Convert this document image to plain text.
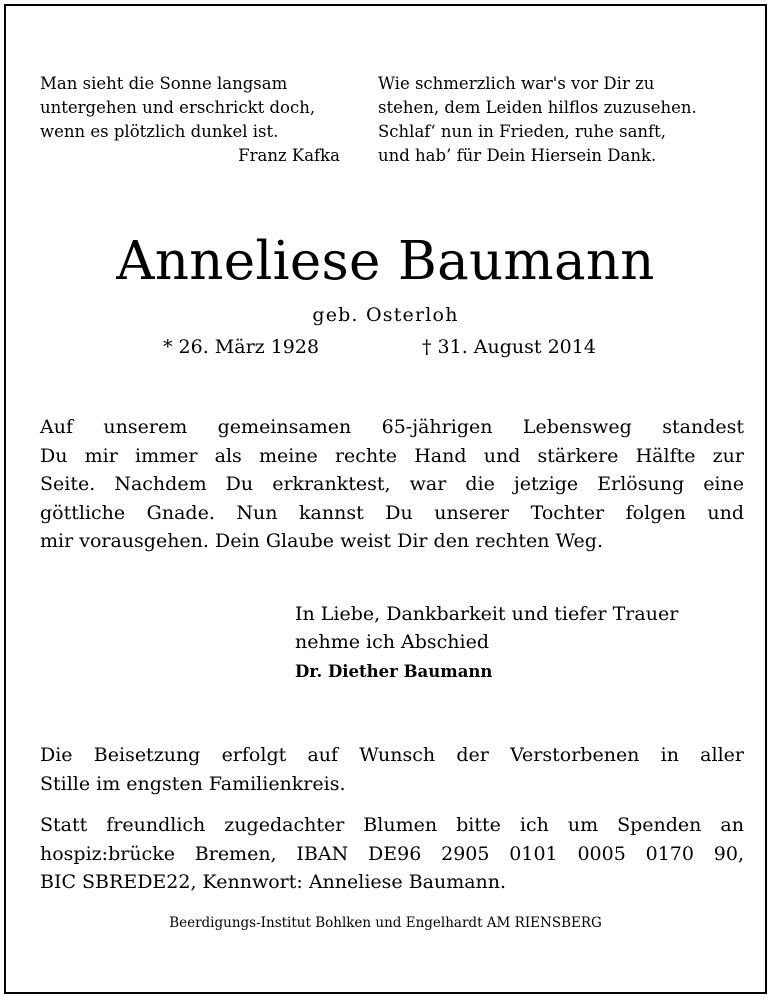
Man sieht die Sonne langsam
untergehen und erschrickt doch,
wenn es plötzlich dunkel ist.
Franz Kafka
Wie schmerzlich war's vor Dir zu
stehen, dem Leiden hilflos zuzusehen.
Schlaf‘ nun in Frieden, ruhe sanft,
und hab’ für Dein Hiersein Dank.
Anneliese Baumann
geb. Osterloh
* 26. März 1928	† 31. August 2014
Auf unserem gemeinsamen 65-jährigen Lebensweg standest
Du mir immer als meine rechte Hand und stärkere Hälfte zur
Seite. Nachdem Du erkranktest, war die jetzige Erlösung eine
göttliche Gnade. Nun kannst Du unserer Tochter folgen und
mir vorausgehen. Dein Glaube weist Dir den rechten Weg.
In Liebe, Dankbarkeit und tiefer Trauer
nehme ich Abschied
Dr. Diether Baumann
Die Beisetzung erfolgt auf Wunsch der Verstorbenen in aller
Stille im engsten Familienkreis.
Statt freundlich zugedachter Blumen bitte ich um Spenden an
hospiz:brücke Bremen, IBAN DE96 2905 0101 0005 0170 90,
BIC SBREDE22, Kennwort: Anneliese Baumann.
Beerdigungs-Institut Bohlken und Engelhardt AM RIENSBERG
